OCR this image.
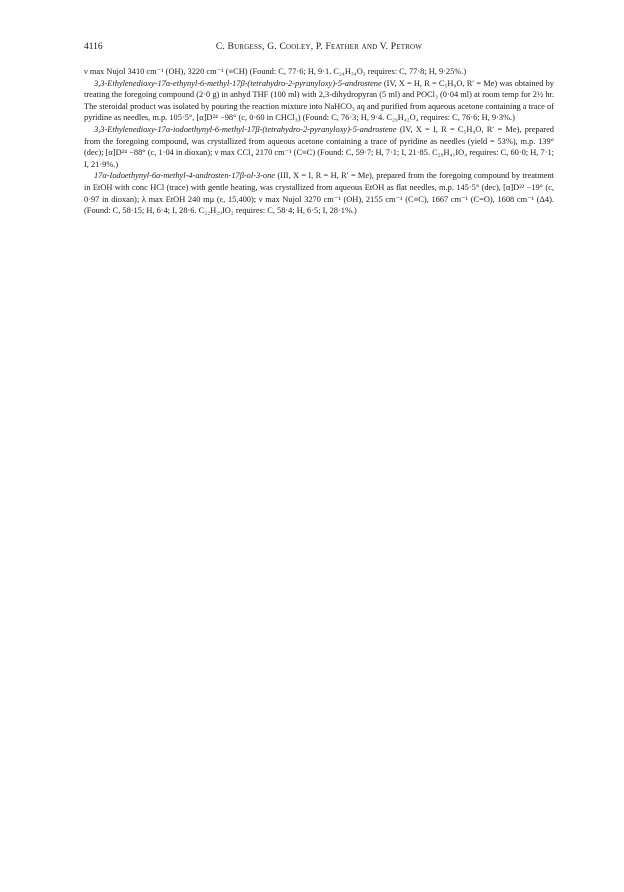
4116	C. Burgess, G. Cooley, P. Feather and V. Petrow

ν max Nujol 3410 cm⁻¹ (OH), 3220 cm⁻¹ (≡CH) (Found: C, 77·6; H, 9·1. C₂₄H₃₄O₃ requires: C, 77·8; H, 9·25%.)

3,3-Ethylenedioxy-17α-ethynyl-6-methyl-17β-(tetrahydro-2-pyranyloxy)-5-androstene (IV, X = H, R = C₅H₉O, R′ = Me) was obtained by treating the foregoing compound (2·0 g) in anhyd THF (100 ml) with 2,3-dihydropyran (5 ml) and POCl₃ (0·04 ml) at room temp for 2½ hr. The steroidal product was isolated by pouring the reaction mixture into NaHCO₃ aq and purified from aqueous acetone containing a trace of pyridine as needles, m.p. 105·5°, [α]D²⁴ −98° (c, 0·60 in CHCl₃) (Found: C, 76·3; H, 9·4. C₂₉H₄₂O₄ requires: C, 76·6; H, 9·3%.)

3,3-Ethylenedioxy-17α-iodoethynyl-6-methyl-17β-(tetrahydro-2-pyranyloxy)-5-androstene (IV, X = I, R = C₅H₉O, R′ = Me), prepared from the foregoing compound, was crystallized from aqueous acetone containing a trace of pyridine as needles (yield = 53%), m.p. 139° (dec); [α]D²⁴ −88° (c, 1·04 in dioxan); ν max CCl₄ 2170 cm⁻¹ (C≡C) (Found: C, 59·7; H, 7·1; I, 21·85. C₂₉H₄₁IO₄ requires: C, 60·0; H, 7·1; I, 21·9%.)

17α-Iodoethynyl-6α-methyl-4-androsten-17β-ol-3-one (III, X = I, R = H, R′ = Me), prepared from the foregoing compound by treatment in EtOH with conc HCl (trace) with gentle heating, was crystallized from aqueous EtOH as flat needles, m.p. 145·5° (dec), [α]D²² −19° (c, 0·97 in dioxan); λ max EtOH 240 mμ (ε, 15,400); ν max Nujol 3270 cm⁻¹ (OH), 2155 cm⁻¹ (C≡C), 1667 cm⁻¹ (C=O), 1608 cm⁻¹ (Δ4). (Found: C, 58·15; H, 6·4; I, 28·6. C₂₂H₂₉IO₂ requires: C, 58·4; H, 6·5; I, 28·1%.)
